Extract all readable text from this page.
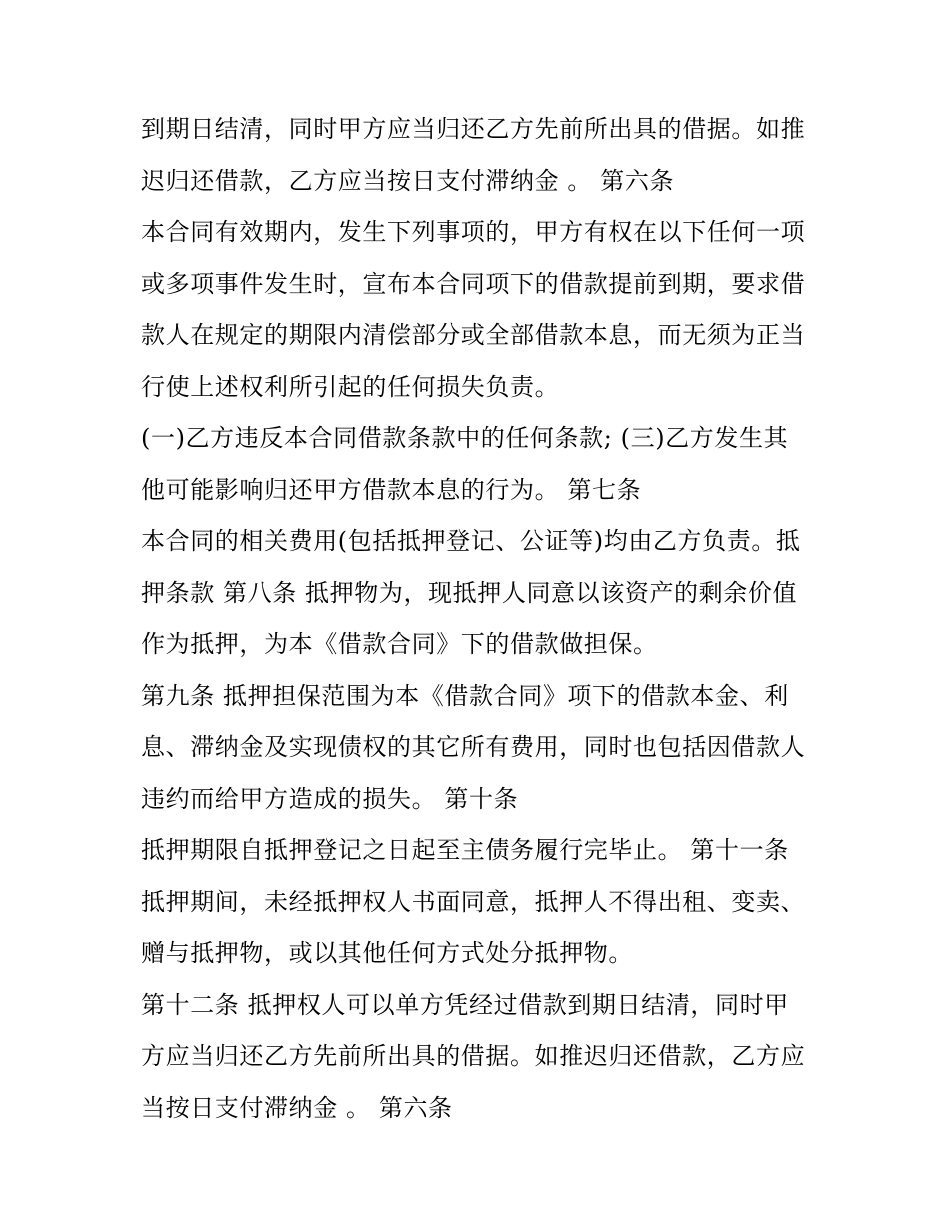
到期日结清，同时甲方应当归还乙方先前所出具的借据。如推
迟归还借款，乙方应当按日支付滞纳金 。 第六条
本合同有效期内，发生下列事项的，甲方有权在以下任何一项
或多项事件发生时，宣布本合同项下的借款提前到期，要求借
款人在规定的期限内清偿部分或全部借款本息，而无须为正当
行使上述权利所引起的任何损失负责。
(一)乙方违反本合同借款条款中的任何条款; (三)乙方发生其
他可能影响归还甲方借款本息的行为。 第七条
本合同的相关费用(包括抵押登记、公证等)均由乙方负责。抵
押条款 第八条 抵押物为，现抵押人同意以该资产的剩余价值
作为抵押，为本《借款合同》下的借款做担保。
第九条 抵押担保范围为本《借款合同》项下的借款本金、利
息、滞纳金及实现债权的其它所有费用，同时也包括因借款人
违约而给甲方造成的损失。 第十条
抵押期限自抵押登记之日起至主债务履行完毕止。 第十一条
抵押期间，未经抵押权人书面同意，抵押人不得出租、变卖、
赠与抵押物，或以其他任何方式处分抵押物。
第十二条 抵押权人可以单方凭经过借款到期日结清，同时甲
方应当归还乙方先前所出具的借据。如推迟归还借款，乙方应
当按日支付滞纳金 。 第六条
